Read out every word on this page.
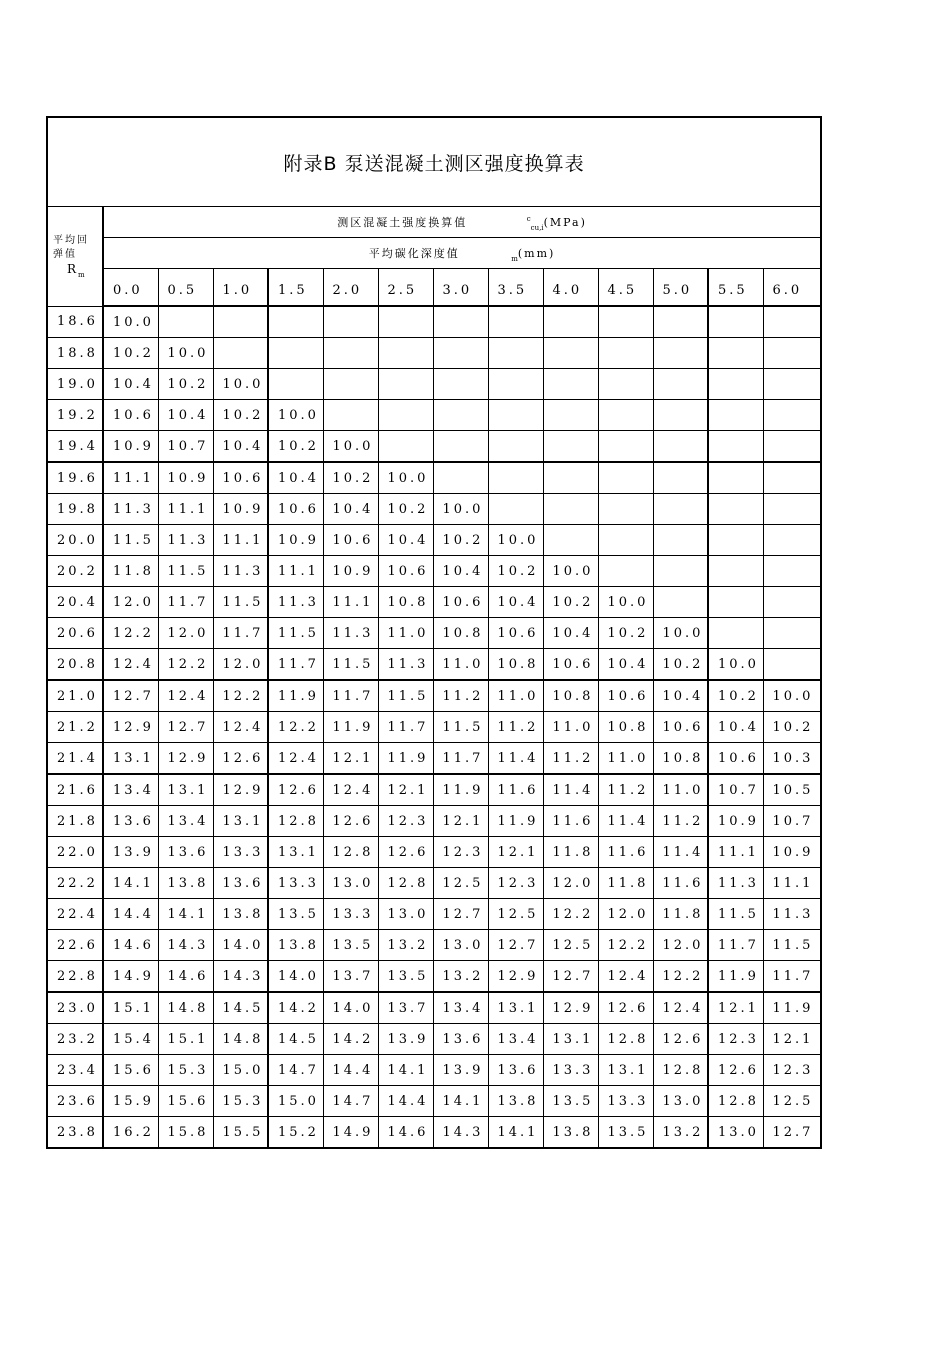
附录B 泵送混凝土测区强度换算表													

平均回
弹值
$R_m$	测区混凝土强度换算值 $^c_{cu,i}$(MPa)												
	平均碳化深度值 $_m$(mm)												
	0.0	0.5	1.0	1.5	2.0	2.5	3.0	3.5	4.0	4.5	5.0	5.5	6.0
18.6	10.0												
18.8	10.2	10.0											
19.0	10.4	10.2	10.0										
19.2	10.6	10.4	10.2	10.0									
19.4	10.9	10.7	10.4	10.2	10.0								
19.6	11.1	10.9	10.6	10.4	10.2	10.0							
19.8	11.3	11.1	10.9	10.6	10.4	10.2	10.0						
20.0	11.5	11.3	11.1	10.9	10.6	10.4	10.2	10.0					
20.2	11.8	11.5	11.3	11.1	10.9	10.6	10.4	10.2	10.0				
20.4	12.0	11.7	11.5	11.3	11.1	10.8	10.6	10.4	10.2	10.0			
20.6	12.2	12.0	11.7	11.5	11.3	11.0	10.8	10.6	10.4	10.2	10.0		
20.8	12.4	12.2	12.0	11.7	11.5	11.3	11.0	10.8	10.6	10.4	10.2	10.0	
21.0	12.7	12.4	12.2	11.9	11.7	11.5	11.2	11.0	10.8	10.6	10.4	10.2	10.0
21.2	12.9	12.7	12.4	12.2	11.9	11.7	11.5	11.2	11.0	10.8	10.6	10.4	10.2
21.4	13.1	12.9	12.6	12.4	12.1	11.9	11.7	11.4	11.2	11.0	10.8	10.6	10.3
21.6	13.4	13.1	12.9	12.6	12.4	12.1	11.9	11.6	11.4	11.2	11.0	10.7	10.5
21.8	13.6	13.4	13.1	12.8	12.6	12.3	12.1	11.9	11.6	11.4	11.2	10.9	10.7
22.0	13.9	13.6	13.3	13.1	12.8	12.6	12.3	12.1	11.8	11.6	11.4	11.1	10.9
22.2	14.1	13.8	13.6	13.3	13.0	12.8	12.5	12.3	12.0	11.8	11.6	11.3	11.1
22.4	14.4	14.1	13.8	13.5	13.3	13.0	12.7	12.5	12.2	12.0	11.8	11.5	11.3
22.6	14.6	14.3	14.0	13.8	13.5	13.2	13.0	12.7	12.5	12.2	12.0	11.7	11.5
22.8	14.9	14.6	14.3	14.0	13.7	13.5	13.2	12.9	12.7	12.4	12.2	11.9	11.7
23.0	15.1	14.8	14.5	14.2	14.0	13.7	13.4	13.1	12.9	12.6	12.4	12.1	11.9
23.2	15.4	15.1	14.8	14.5	14.2	13.9	13.6	13.4	13.1	12.8	12.6	12.3	12.1
23.4	15.6	15.3	15.0	14.7	14.4	14.1	13.9	13.6	13.3	13.1	12.8	12.6	12.3
23.6	15.9	15.6	15.3	15.0	14.7	14.4	14.1	13.8	13.5	13.3	13.0	12.8	12.5
23.8	16.2	15.8	15.5	15.2	14.9	14.6	14.3	14.1	13.8	13.5	13.2	13.0	12.7
